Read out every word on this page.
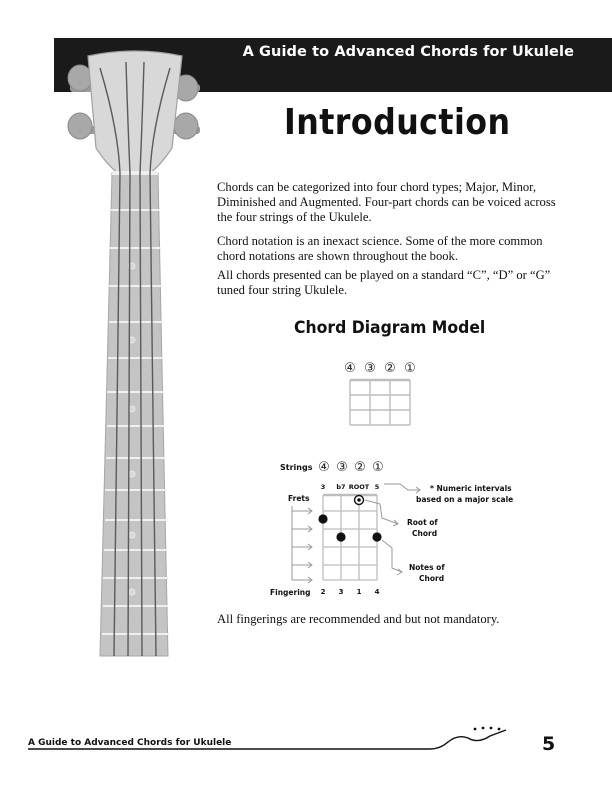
A Guide to Advanced Chords for Ukulele
Introduction

Chords can be categorized into four chord types; Major, Minor, Diminished and Augmented. Four-part chords can be voiced across the four strings of the Ukulele.

Chord notation is an inexact science. Some of the more common chord notations are shown throughout the book.

All chords presented can be played on a standard “C”, “D” or “G” tuned four string Ukulele.

Chord Diagram Model
④ ③ ② ①
Strings ④ ③ ② ①
3 b7 ROOT 5
Frets
* Numeric intervals
based on a major scale
Root of
Chord
Notes of
Chord
Fingering 2 3 1 4

All fingerings are recommended and but not mandatory.

A Guide to Advanced Chords for Ukulele	5
